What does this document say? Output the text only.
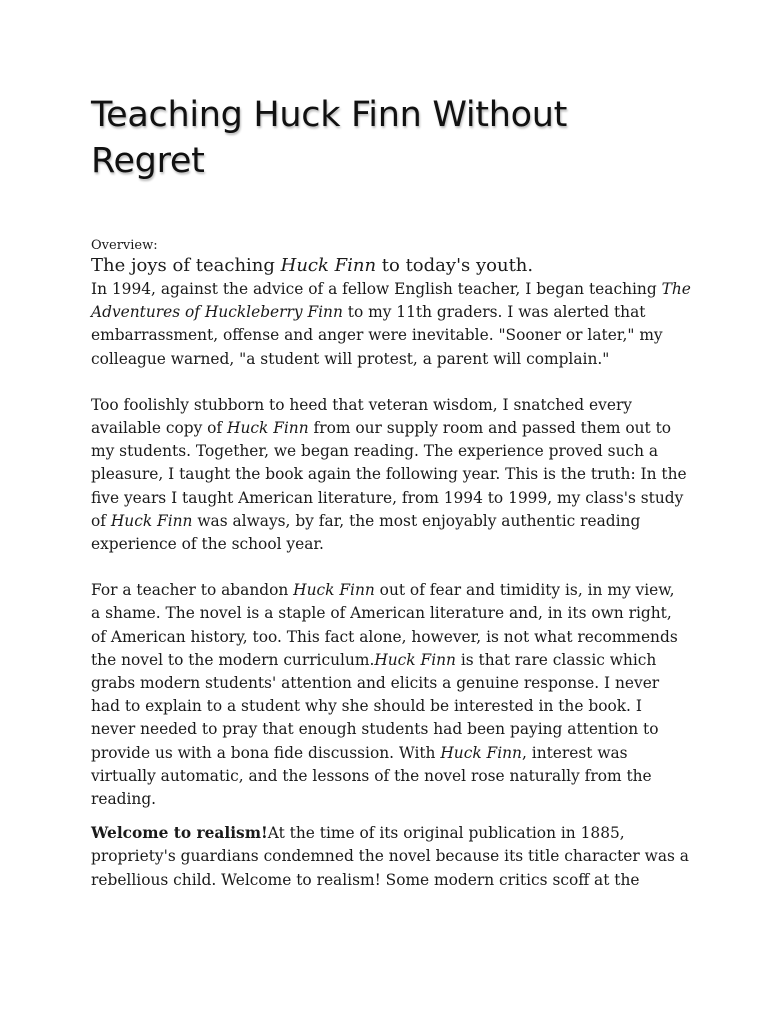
Teaching Huck Finn Without Regret
Overview:
The joys of teaching Huck Finn to today's youth.
In 1994, against the advice of a fellow English teacher, I began teaching The
Adventures of Huckleberry Finn to my 11th graders. I was alerted that
embarrassment, offense and anger were inevitable. "Sooner or later," my
colleague warned, "a student will protest, a parent will complain."
Too foolishly stubborn to heed that veteran wisdom, I snatched every
available copy of Huck Finn from our supply room and passed them out to
my students. Together, we began reading. The experience proved such a
pleasure, I taught the book again the following year. This is the truth: In the
five years I taught American literature, from 1994 to 1999, my class's study
of Huck Finn was always, by far, the most enjoyably authentic reading
experience of the school year.
For a teacher to abandon Huck Finn out of fear and timidity is, in my view,
a shame. The novel is a staple of American literature and, in its own right,
of American history, too. This fact alone, however, is not what recommends
the novel to the modern curriculum.Huck Finn is that rare classic which
grabs modern students' attention and elicits a genuine response. I never
had to explain to a student why she should be interested in the book. I
never needed to pray that enough students had been paying attention to
provide us with a bona fide discussion. With Huck Finn, interest was
virtually automatic, and the lessons of the novel rose naturally from the
reading.
Welcome to realism!At the time of its original publication in 1885,
propriety's guardians condemned the novel because its title character was a
rebellious child. Welcome to realism! Some modern critics scoff at the
